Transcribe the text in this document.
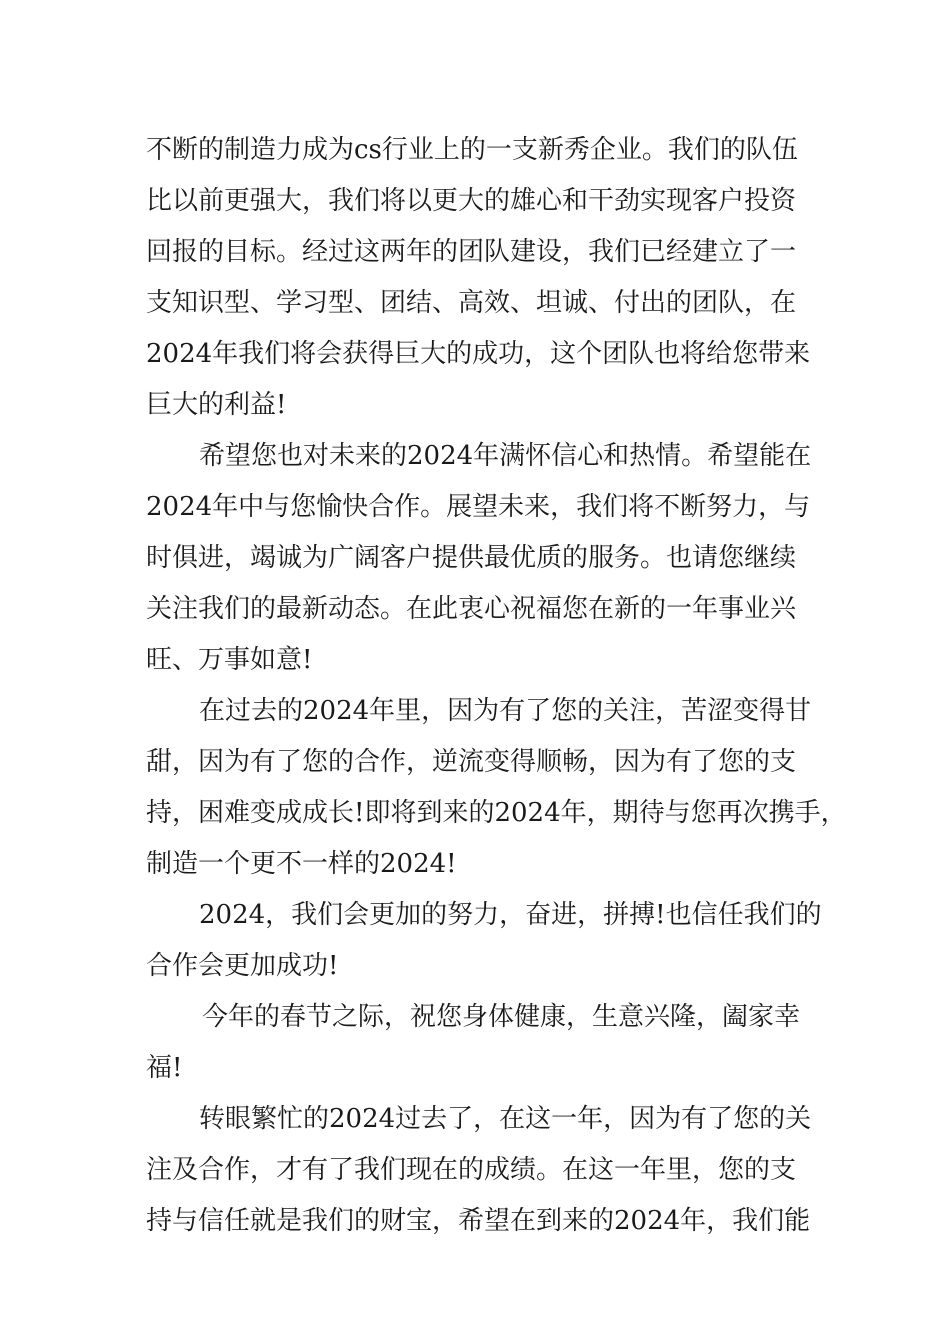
不断的制造力成为cs行业上的一支新秀企业。我们的队伍
比以前更强大，我们将以更大的雄心和干劲实现客户投资
回报的目标。经过这两年的团队建设，我们已经建立了一
支知识型、学习型、团结、高效、坦诚、付出的团队，在
2024年我们将会获得巨大的成功，这个团队也将给您带来
巨大的利益!
希望您也对未来的2024年满怀信心和热情。希望能在
2024年中与您愉快合作。展望未来，我们将不断努力，与
时俱进，竭诚为广阔客户提供最优质的服务。也请您继续
关注我们的最新动态。在此衷心祝福您在新的一年事业兴
旺、万事如意!
在过去的2024年里，因为有了您的关注，苦涩变得甘
甜，因为有了您的合作，逆流变得顺畅，因为有了您的支
持，困难变成成长!即将到来的2024年，期待与您再次携手，
制造一个更不一样的2024!
2024，我们会更加的努力，奋进，拼搏!也信任我们的
合作会更加成功!
今年的春节之际，祝您身体健康，生意兴隆，阖家幸
福!
转眼繁忙的2024过去了，在这一年，因为有了您的关
注及合作，才有了我们现在的成绩。在这一年里，您的支
持与信任就是我们的财宝，希望在到来的2024年，我们能
